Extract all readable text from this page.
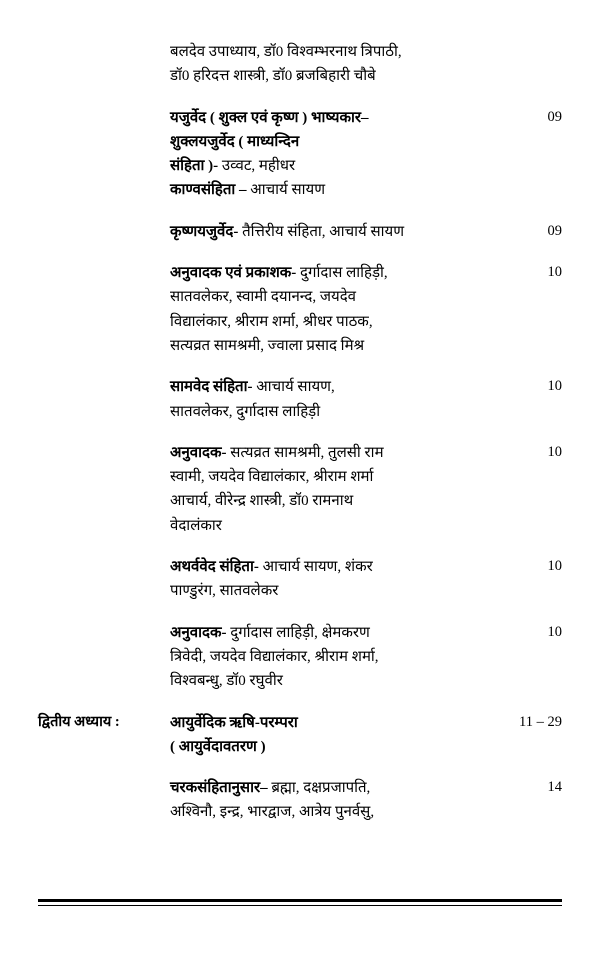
	बलदेव उपाध्याय, डॉ0 विश्वम्भरनाथ त्रिपाठी,
डॉ0 हरिदत्त शास्त्री, डॉ0 ब्रजबिहारी चौबे	

	यजुर्वेद ( शुक्ल एवं कृष्ण ) भाष्यकार–
शुक्लयजुर्वेद ( माध्यन्दिन
संहिता )- उव्वट, महीधर
काण्वसंहिता – आचार्य सायण	09

	कृष्णयजुर्वेद- तैत्तिरीय संहिता, आचार्य सायण	09

	अनुवादक एवं प्रकाशक- दुर्गादास लाहिड़ी,
सातवलेकर, स्वामी दयानन्द, जयदेव
विद्यालंकार, श्रीराम शर्मा, श्रीधर पाठक,
सत्यव्रत सामश्रमी, ज्वाला प्रसाद मिश्र	10

	सामवेद संहिता- आचार्य सायण,
सातवलेकर, दुर्गादास लाहिड़ी	10

	अनुवादक- सत्यव्रत सामश्रमी, तुलसी राम
स्वामी, जयदेव विद्यालंकार, श्रीराम शर्मा
आचार्य, वीरेन्द्र शास्त्री, डॉ0 रामनाथ
वेदालंकार	10

	अथर्ववेद संहिता- आचार्य सायण, शंकर
पाण्डुरंग, सातवलेकर	10

	अनुवादक- दुर्गादास लाहिड़ी, क्षेमकरण
त्रिवेदी, जयदेव विद्यालंकार, श्रीराम शर्मा,
विश्वबन्धु, डॉ0 रघुवीर	10

द्वितीय अध्याय :	आयुर्वेदिक ऋषि-परम्परा
( आयुर्वेदावतरण )	11 – 29

	चरकसंहितानुसार– ब्रह्मा, दक्षप्रजापति,
अश्विनौ, इन्द्र, भारद्वाज, आत्रेय पुनर्वसु,	14
